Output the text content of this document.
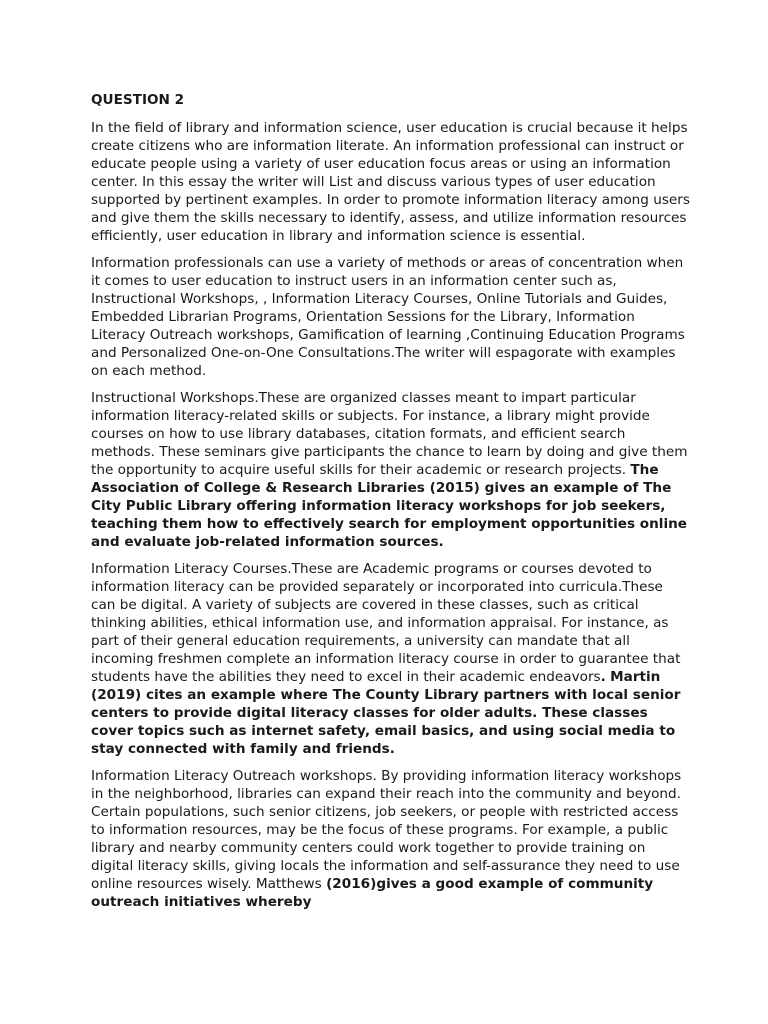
QUESTION 2
In the field of library and information science, user education is crucial because it helps create citizens who are information literate. An information professional can instruct or educate people using a variety of user education focus areas or using an information center. In this essay the writer will List and discuss various types of user education supported by pertinent examples. In order to promote information literacy among users and give them the skills necessary to identify, assess, and utilize information resources efficiently, user education in library and information science is essential.
Information professionals can use a variety of methods or areas of concentration when it comes to user education to instruct users in an information center such as, Instructional Workshops, , Information Literacy Courses, Online Tutorials and Guides, Embedded Librarian Programs, Orientation Sessions for the Library, Information Literacy Outreach workshops, Gamification of learning ,Continuing Education Programs and Personalized One-on-One Consultations.The writer will espagorate with examples on each method.
Instructional Workshops.These are organized classes meant to impart particular information literacy-related skills or subjects. For instance, a library might provide courses on how to use library databases, citation formats, and efficient search methods. These seminars give participants the chance to learn by doing and give them the opportunity to acquire useful skills for their academic or research projects. The Association of College & Research Libraries (2015) gives an example of The City Public Library offering information literacy workshops for job seekers, teaching them how to effectively search for employment opportunities online and evaluate job-related information sources.
Information Literacy Courses.These are Academic programs or courses devoted to information literacy can be provided separately or incorporated into curricula.These can be digital. A variety of subjects are covered in these classes, such as critical thinking abilities, ethical information use, and information appraisal. For instance, as part of their general education requirements, a university can mandate that all incoming freshmen complete an information literacy course in order to guarantee that students have the abilities they need to excel in their academic endeavors. Martin (2019) cites an example where The County Library partners with local senior centers to provide digital literacy classes for older adults. These classes cover topics such as internet safety, email basics, and using social media to stay connected with family and friends.
Information Literacy Outreach workshops. By providing information literacy workshops in the neighborhood, libraries can expand their reach into the community and beyond. Certain populations, such senior citizens, job seekers, or people with restricted access to information resources, may be the focus of these programs. For example, a public library and nearby community centers could work together to provide training on digital literacy skills, giving locals the information and self-assurance they need to use online resources wisely. Matthews (2016)gives a good example of community outreach initiatives whereby
